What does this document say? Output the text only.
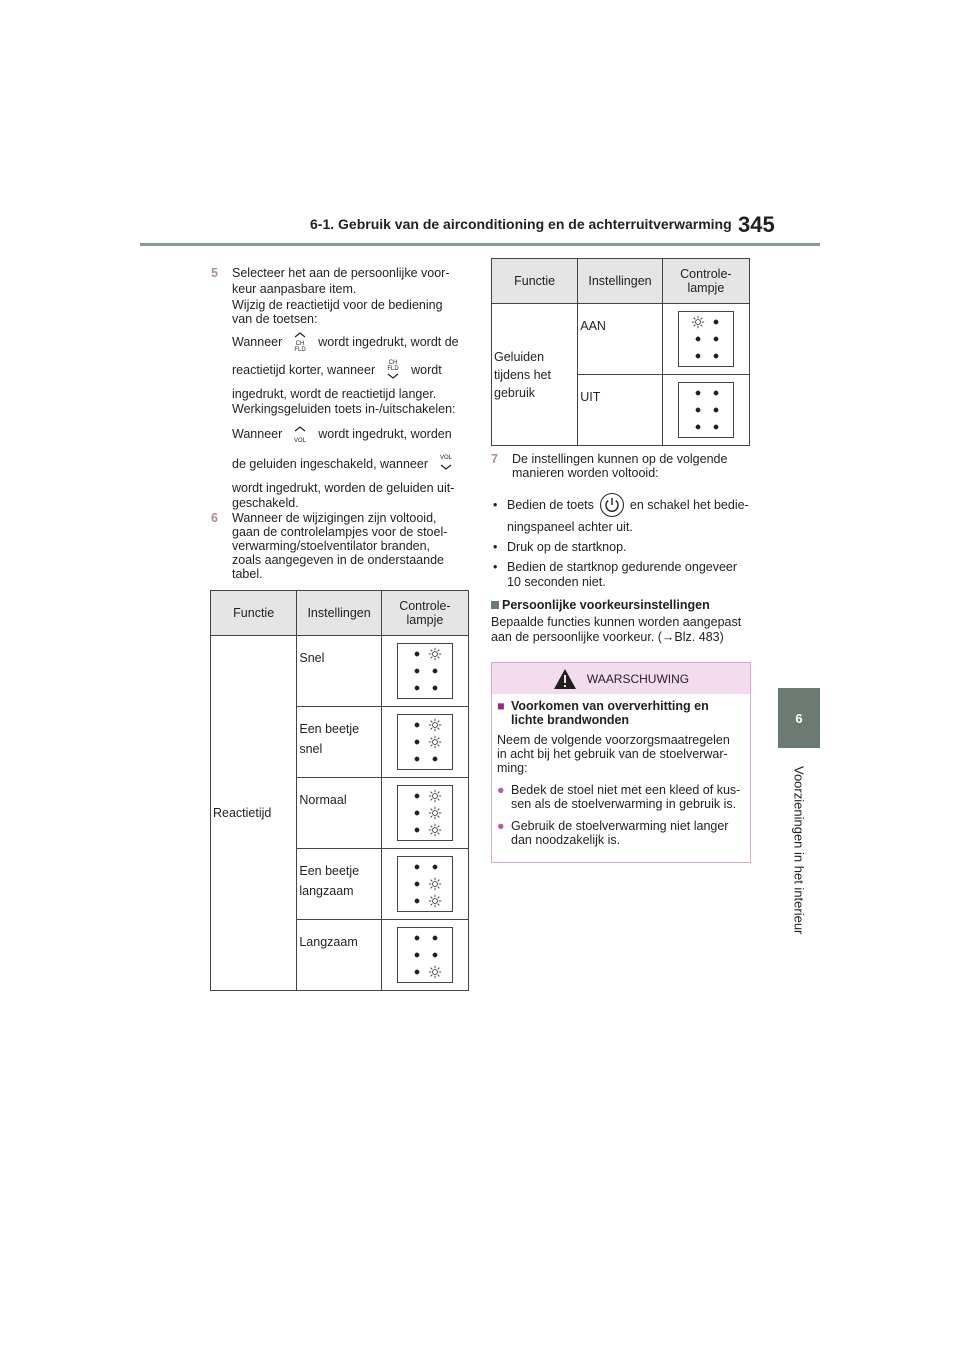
6-1. Gebruik van de airconditioning en de achterruitverwarming 345
6
Voorzieningen in het interieur
5 Selecteer het aan de persoonlijke voor-
keur aanpasbare item.
Wijzig de reactietijd voor de bediening
van de toetsen:
Wanneer CH
FLD
wordt ingedrukt, wordt de
reactietijd korter, wanneer CH
FLD wordt
ingedrukt, wordt de reactietijd langer.
Werkingsgeluiden toets in-/uitschakelen:
Wanneer VOL wordt ingedrukt, worden
de geluiden ingeschakeld, wanneer VOL
wordt ingedrukt, worden de geluiden uit-
geschakeld.
6 Wanneer de wijzigingen zijn voltooid,
gaan de controlelampjes voor de stoel-
verwarming/stoelventilator branden,
zoals aangegeven in de onderstaande
tabel.
Functie	Instellingen	Controle-
lampje
Reactietijd	Snel	

	Een beetje
snel	

	Normaal	

	Een beetje
langzaam	

	Langzaam	
Functie	Instellingen	Controle-
lampje
Geluiden
tijdens het
gebruik	AAN	

	UIT	
7 De instellingen kunnen op de volgende
manieren worden voltooid:
• Bedien de toets	en schakel het bedie-
ningspaneel achter uit.
• Druk op de startknop.
• Bedien de startknop gedurende ongeveer
10 seconden niet.
Persoonlijke voorkeursinstellingen
Bepaalde functies kunnen worden aangepast
aan de persoonlijke voorkeur. (→Blz. 483)
WAARSCHUWING
■ Voorkomen van oververhitting en
lichte brandwonden
Neem de volgende voorzorgsmaatregelen
in acht bij het gebruik van de stoelverwar-
ming:
● Bedek de stoel niet met een kleed of kus-
sen als de stoelverwarming in gebruik is.
● Gebruik de stoelverwarming niet langer
dan noodzakelijk is.
